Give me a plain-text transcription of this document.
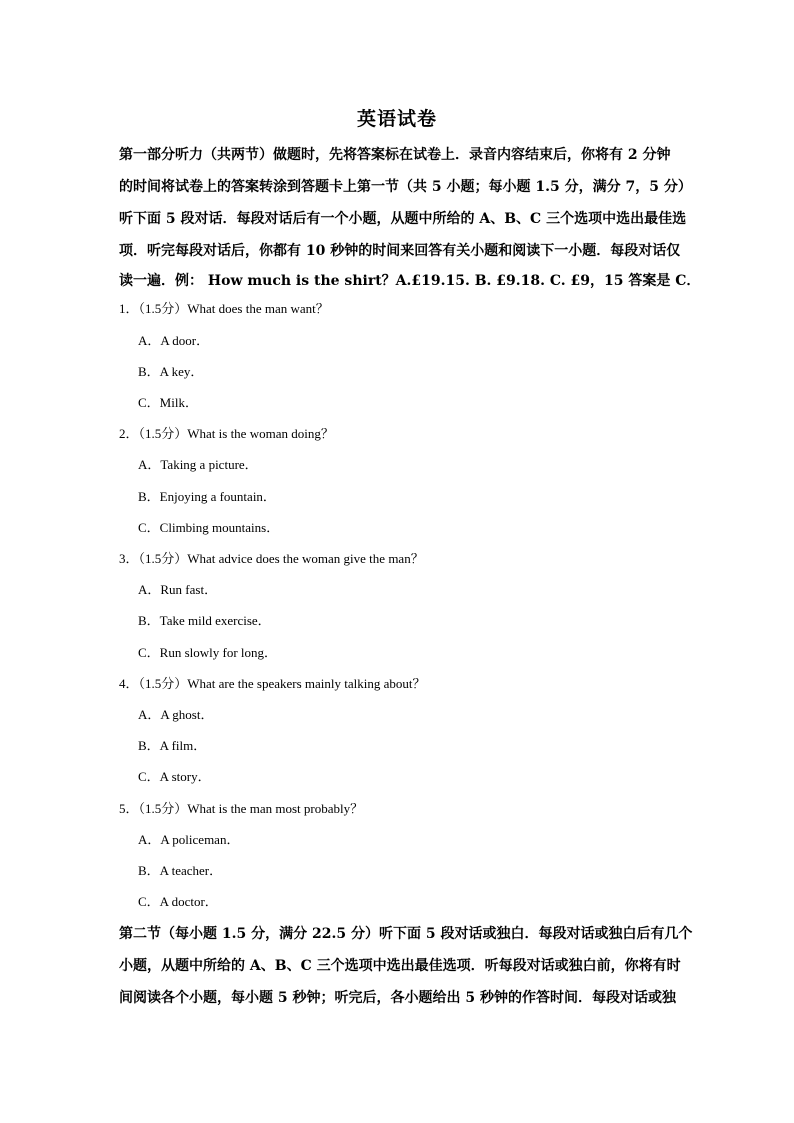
英语试卷
第一部分听力（共两节）做题时，先将答案标在试卷上．录音内容结束后，你将有 2 分钟
的时间将试卷上的答案转涂到答题卡上第一节（共 5 小题；每小题 1.5 分，满分 7，5 分）
听下面 5 段对话．每段对话后有一个小题，从题中所给的 A、B、C 三个选项中选出最佳选
项．听完每段对话后，你都有 10 秒钟的时间来回答有关小题和阅读下一小题．每段对话仅
读一遍．例： How much is the shirt？A.£19.15. B. £9.18. C. £9，15 答案是 C．
1．（1.5分）What does the man want？
A．A door．
B．A key．
C．Milk．
2．（1.5分）What is the woman doing？
A．Taking a picture．
B．Enjoying a fountain．
C．Climbing mountains．
3．（1.5分）What advice does the woman give the man？
A．Run fast．
B．Take mild exercise．
C．Run slowly for long．
4．（1.5分）What are the speakers mainly talking about？
A．A ghost．
B．A film．
C．A story．
5．（1.5分）What is the man most probably？
A．A policeman．
B．A teacher．
C．A doctor．
第二节（每小题 1.5 分，满分 22.5 分）听下面 5 段对话或独白．每段对话或独白后有几个
小题，从题中所给的 A、B、C 三个选项中选出最佳选项．听每段对话或独白前，你将有时
间阅读各个小题，每小题 5 秒钟；听完后，各小题给出 5 秒钟的作答时间．每段对话或独
